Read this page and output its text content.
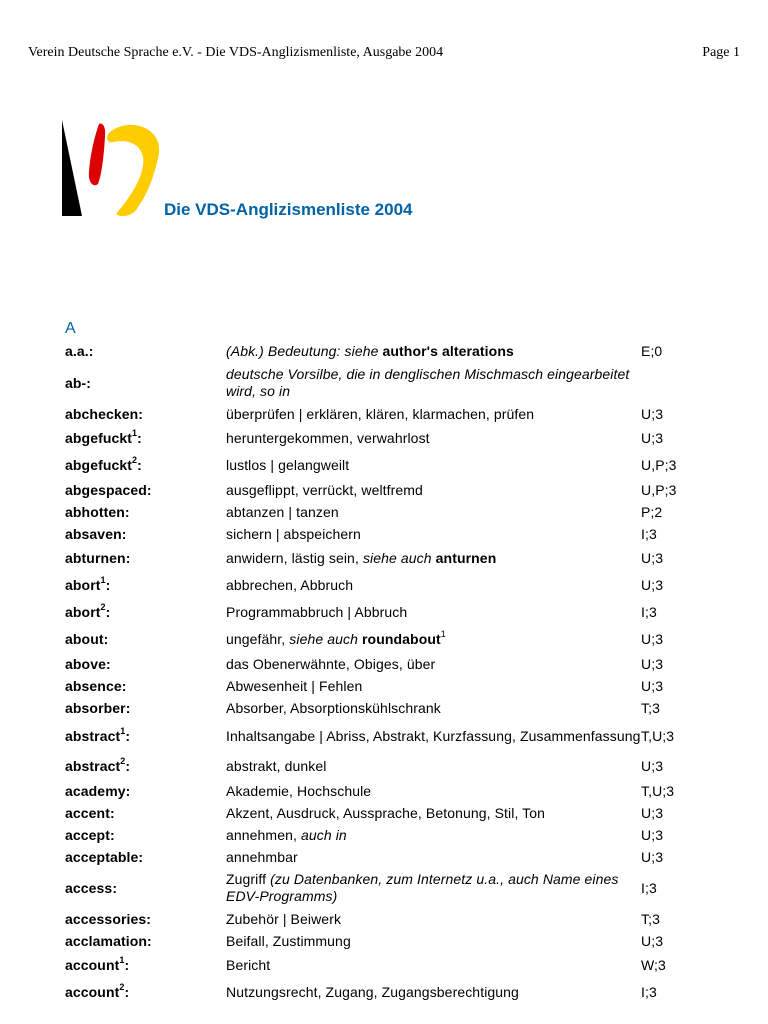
Verein Deutsche Sprache e.V. - Die VDS-Anglizismenliste, Ausgabe 2004	Page 1
Die VDS-Anglizismenliste 2004
A
a.a.:	(Abk.) Bedeutung: siehe author's alterations	E;0
ab-:	deutsche Vorsilbe, die in denglischen Mischmasch eingearbeitet wird, so in	
abchecken:	überprüfen | erklären, klären, klarmachen, prüfen	U;3
abgefuckt$^1$:	heruntergekommen, verwahrlost	U;3
abgefuckt$^2$:	lustlos | gelangweilt	U,P;3
abgespaced:	ausgeflippt, verrückt, weltfremd	U,P;3
abhotten:	abtanzen | tanzen	P;2
absaven:	sichern | abspeichern	I;3
abturnen:	anwidern, lästig sein, siehe auch anturnen	U;3
abort$^1$:	abbrechen, Abbruch	U;3
abort$^2$:	Programmabbruch | Abbruch	I;3
about:	ungefähr, siehe auch roundabout$^1$	U;3
above:	das Obenerwähnte, Obiges, über	U;3
absence:	Abwesenheit | Fehlen	U;3
absorber:	Absorber, Absorptionskühlschrank	T;3
abstract$^1$:	Inhaltsangabe | Abriss, Abstrakt, Kurzfassung, Zusammenfassung	T,U;3
abstract$^2$:	abstrakt, dunkel	U;3
academy:	Akademie, Hochschule	T,U;3
accent:	Akzent, Ausdruck, Aussprache, Betonung, Stil, Ton	U;3
accept:	annehmen, auch in	U;3
acceptable:	annehmbar	U;3
access:	Zugriff (zu Datenbanken, zum Internetz u.a., auch Name eines EDV-Programms)	I;3
accessories:	Zubehör | Beiwerk	T;3
acclamation:	Beifall, Zustimmung	U;3
account$^1$:	Bericht	W;3
account$^2$:	Nutzungsrecht, Zugang, Zugangsberechtigung	I;3
